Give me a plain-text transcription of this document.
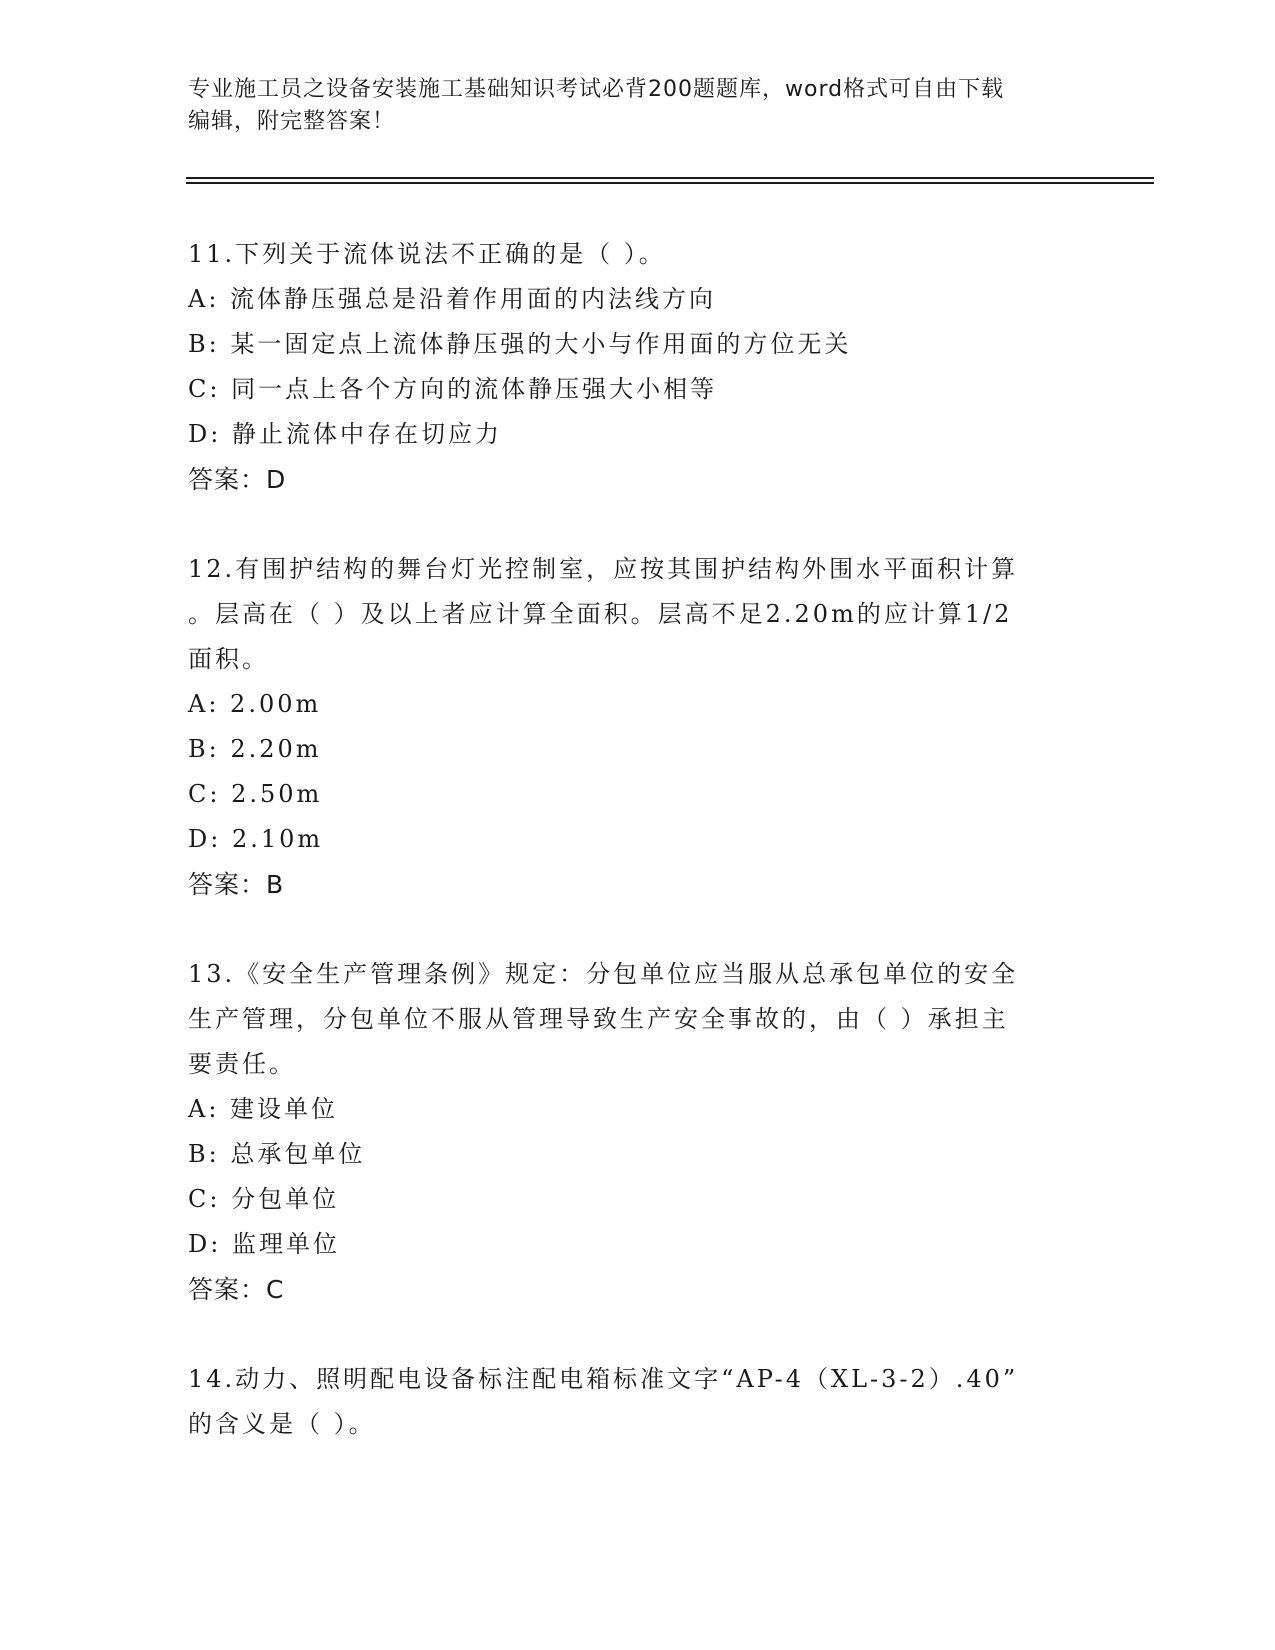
专业施工员之设备安装施工基础知识考试必背200题题库，word格式可自由下载
编辑，附完整答案！
11.下列关于流体说法不正确的是（ ）。
A: 流体静压强总是沿着作用面的内法线方向
B: 某一固定点上流体静压强的大小与作用面的方位无关
C: 同一点上各个方向的流体静压强大小相等
D: 静止流体中存在切应力
答案：D
12.有围护结构的舞台灯光控制室，应按其围护结构外围水平面积计算
。层高在（ ）及以上者应计算全面积。层高不足2.20m的应计算1/2
面积。
A: 2.00m
B: 2.20m
C: 2.50m
D: 2.10m
答案：B
13.《安全生产管理条例》规定：分包单位应当服从总承包单位的安全
生产管理，分包单位不服从管理导致生产安全事故的，由（ ）承担主
要责任。
A: 建设单位
B: 总承包单位
C: 分包单位
D: 监理单位
答案：C
14.动力、照明配电设备标注配电箱标准文字“AP-4（XL-3-2）.40”
的含义是（ ）。
